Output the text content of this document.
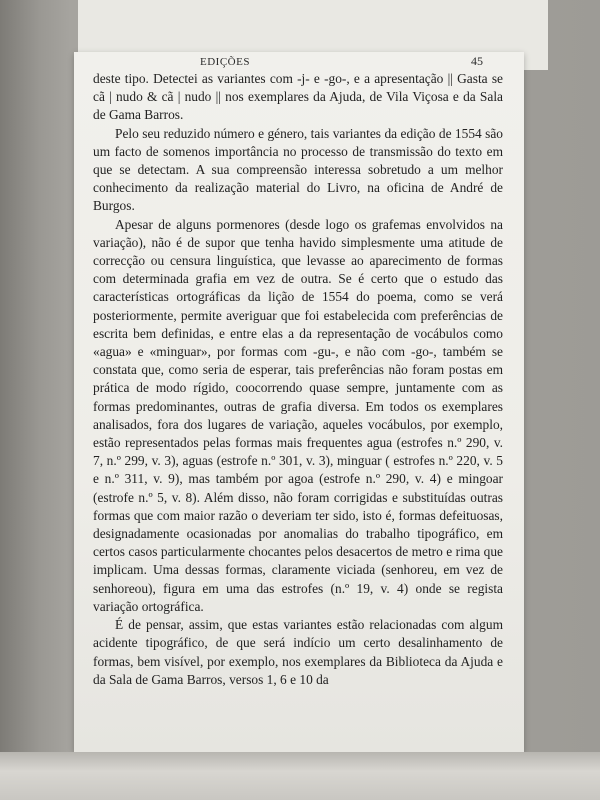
EDIÇÕES	45

deste tipo. Detectei as variantes com -j- e -go-, e a apresentação || Gasta se cã | nudo & cã | nudo || nos exemplares da Ajuda, de Vila Viçosa e da Sala de Gama Barros.

Pelo seu reduzido número e género, tais variantes da edição de 1554 são um facto de somenos importância no processo de transmissão do texto em que se detectam. A sua compreensão interessa sobretudo a um melhor conhecimento da realização material do Livro, na oficina de André de Burgos.

Apesar de alguns pormenores (desde logo os grafemas envolvidos na variação), não é de supor que tenha havido simplesmente uma atitude de correcção ou censura linguística, que levasse ao aparecimento de formas com determinada grafia em vez de outra. Se é certo que o estudo das características ortográficas da lição de 1554 do poema, como se verá posteriormente, permite averiguar que foi estabelecida com preferências de escrita bem definidas, e entre elas a da representação de vocábulos como «agua» e «minguar», por formas com -gu-, e não com -go-, também se constata que, como seria de esperar, tais preferências não foram postas em prática de modo rígido, coocorrendo quase sempre, juntamente com as formas predominantes, outras de grafia diversa. Em todos os exemplares analisados, fora dos lugares de variação, aqueles vocábulos, por exemplo, estão representados pelas formas mais frequentes agua (estrofes n.º 290, v. 7, n.º 299, v. 3), aguas (estrofe n.º 301, v. 3), minguar ( estrofes n.º 220, v. 5 e n.º 311, v. 9), mas também por agoa (estrofe n.º 290, v. 4) e mingoar (estrofe n.º 5, v. 8). Além disso, não foram corrigidas e substituídas outras formas que com maior razão o deveriam ter sido, isto é, formas defeituosas, designadamente ocasionadas por anomalias do trabalho tipográfico, em certos casos particularmente chocantes pelos desacertos de metro e rima que implicam. Uma dessas formas, claramente viciada (senhoreu, em vez de senhoreou), figura em uma das estrofes (n.º 19, v. 4) onde se regista variação ortográfica.

É de pensar, assim, que estas variantes estão relacionadas com algum acidente tipográfico, de que será indício um certo desalinhamento de formas, bem visível, por exemplo, nos exemplares da Biblioteca da Ajuda e da Sala de Gama Barros, versos 1, 6 e 10 da
